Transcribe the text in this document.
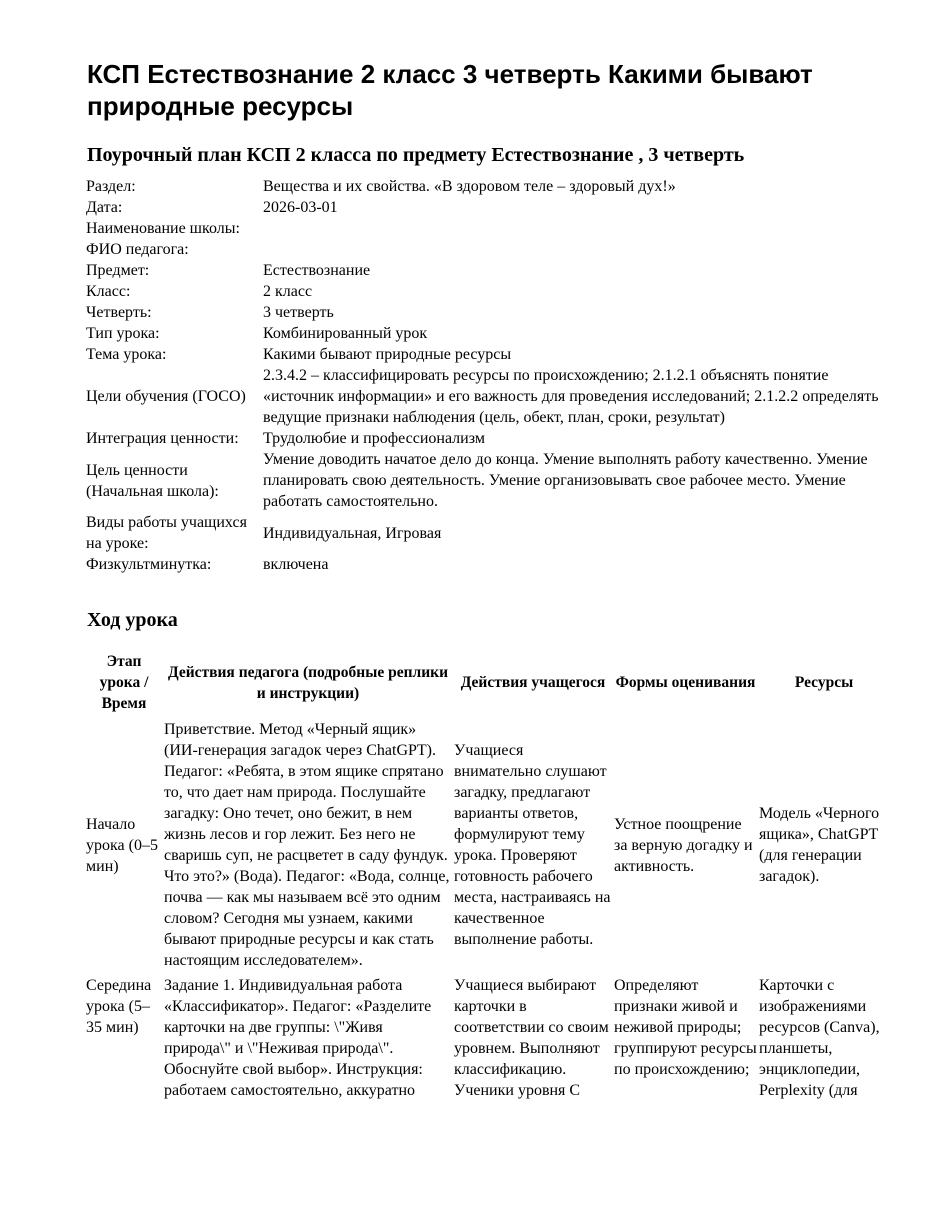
КСП Естествознание 2 класс 3 четверть Какими бывают природные ресурсы
Поурочный план КСП 2 класса по предмету Естествознание , 3 четверть
Раздел:	Вещества и их свойства. «В здоровом теле – здоровый дух!»
Дата:	2026-03-01
Наименование школы:	
ФИО педагога:	
Предмет:	Естествознание
Класс:	2 класс
Четверть:	3 четверть
Тип урока:	Комбинированный урок
Тема урока:	Какими бывают природные ресурсы
Цели обучения (ГОСО)	2.3.4.2 – классифицировать ресурсы по происхождению; 2.1.2.1 объяснять понятие «источник информации» и его важность для проведения исследований; 2.1.2.2 определять ведущие признаки наблюдения (цель, обект, план, сроки, результат)
Интеграция ценности:	Трудолюбие и профессионализм
Цель ценности (Начальная школа):	Умение доводить начатое дело до конца. Умение выполнять работу качественно. Умение планировать свою деятельность. Умение организовывать свое рабочее место. Умение работать самостоятельно.
Виды работы учащихся на уроке:	Индивидуальная, Игровая
Физкультминутка:	включена
Ход урока
Этап урока / Время	Действия педагога (подробные реплики и инструкции)	Действия учащегося	Формы оценивания	Ресурсы
Начало урока (0–5 мин)	Приветствие. Метод «Черный ящик» (ИИ-генерация загадок через ChatGPT). Педагог: «Ребята, в этом ящике спрятано то, что дает нам природа. Послушайте загадку: Оно течет, оно бежит, в нем жизнь лесов и гор лежит. Без него не сваришь суп, не расцветет в саду фундук. Что это?» (Вода). Педагог: «Вода, солнце, почва — как мы называем всё это одним словом? Сегодня мы узнаем, какими бывают природные ресурсы и как стать настоящим исследователем».	Учащиеся внимательно слушают загадку, предлагают варианты ответов, формулируют тему урока. Проверяют готовность рабочего места, настраиваясь на качественное выполнение работы.	Устное поощрение за верную догадку и активность.	Модель «Черного ящика», ChatGPT (для генерации загадок).
Середина урока (5–35 мин)	Задание 1. Индивидуальная работа «Классификатор». Педагог: «Разделите карточки на две группы: \"Живя природа\" и \"Неживая природа\". Обоснуйте свой выбор». Инструкция: работаем самостоятельно, аккуратно	Учащиеся выбирают карточки в соответствии со своим уровнем. Выполняют классификацию. Ученики уровня С	Определяют признаки живой и неживой природы; группируют ресурсы по происхождению;	Карточки с изображениями ресурсов (Canva), планшеты, энциклопедии, Perplexity (для
